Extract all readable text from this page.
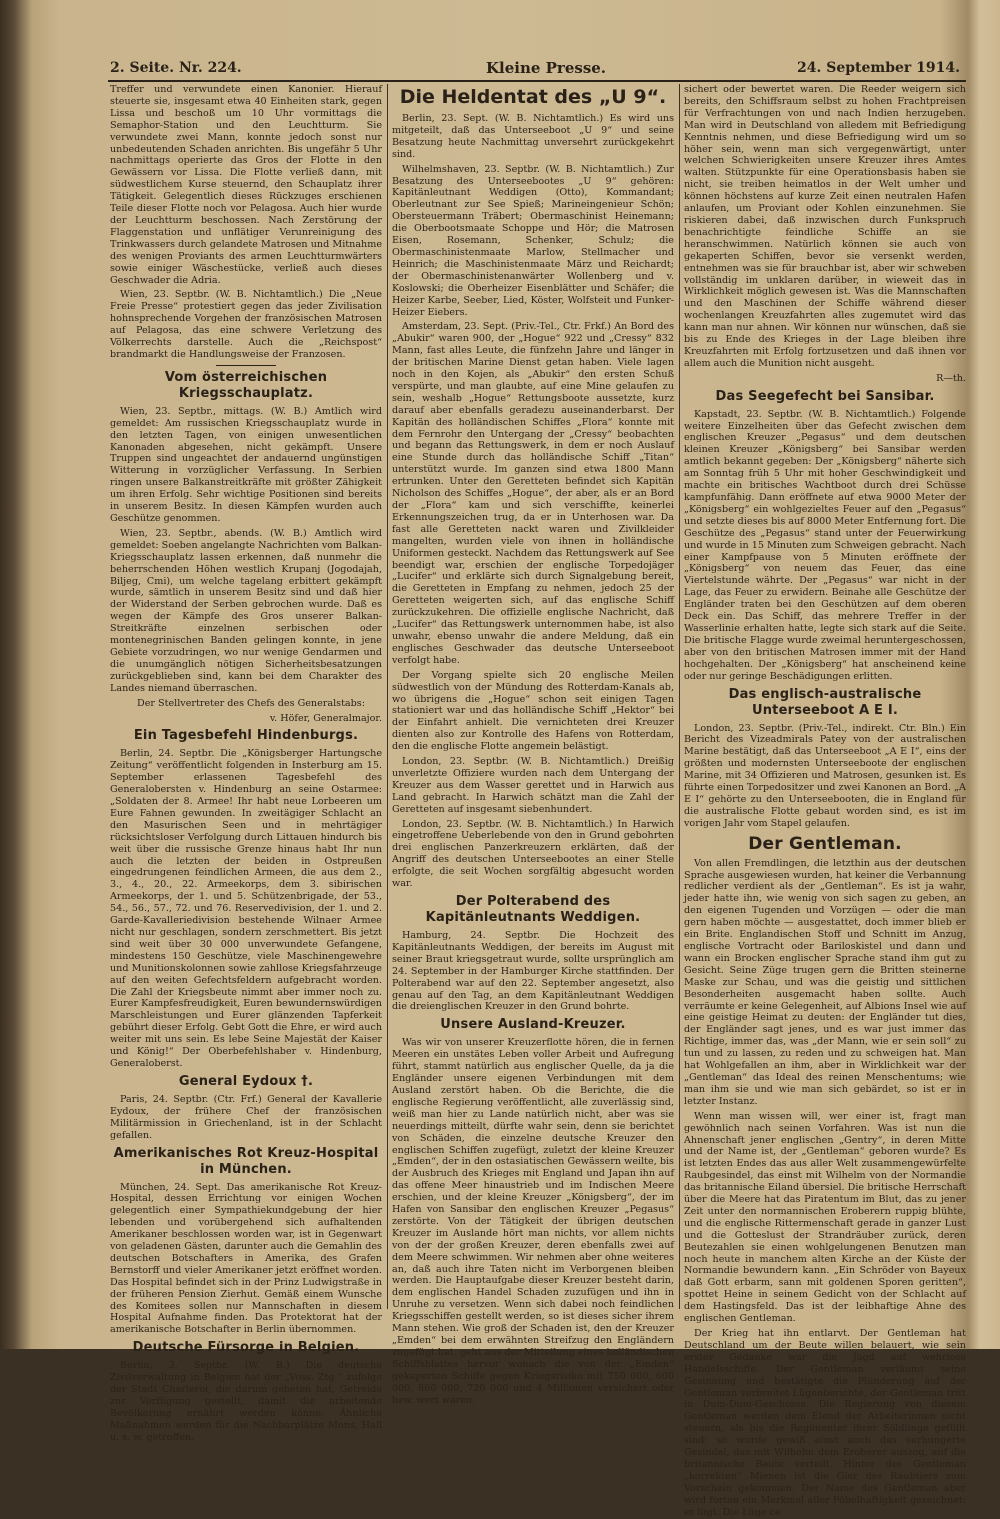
2. Seite. Nr. 224.	Kleine Presse.	24. September 1914.

Treffer und verwundete einen Kanonier. Hierauf steuerte sie, insgesamt etwa 40 Einheiten stark, gegen Lissa und beschoß um 10 Uhr vormittags die Semaphor-Station und den Leuchtturm. Sie verwundete zwei Mann, konnte jedoch sonst nur unbedeutenden Schaden anrichten. Bis ungefähr 5 Uhr nachmittags operierte das Gros der Flotte in den Gewässern vor Lissa. Die Flotte verließ dann, mit südwestlichem Kurse steuernd, den Schauplatz ihrer Tätigkeit. Gelegentlich dieses Rückzuges erschienen Teile dieser Flotte noch vor Pelagosa. Auch hier wurde der Leuchtturm beschossen. Nach Zerstörung der Flaggenstation und unflätiger Verunreinigung des Trinkwassers durch gelandete Matrosen und Mitnahme des wenigen Proviants des armen Leuchtturmwärters sowie einiger Wäschestücke, verließ auch dieses Geschwader die Adria.

Wien, 23. Septbr. (W. B. Nichtamtlich.) Die „Neue Freie Presse“ protestiert gegen das jeder Zivilisation hohnsprechende Vorgehen der französischen Matrosen auf Pelagosa, das eine schwere Verletzung des Völkerrechts darstelle. Auch die „Reichspost“ brandmarkt die Handlungsweise der Franzosen.

Vom österreichischen Kriegsschauplatz.

Wien, 23. Septbr., mittags. (W. B.) Amtlich wird gemeldet: Am russischen Kriegsschauplatz wurde in den letzten Tagen, von einigen unwesentlichen Kanonaden abgesehen, nicht gekämpft. Unsere Truppen sind ungeachtet der andauernd ungünstigen Witterung in vorzüglicher Verfassung. In Serbien ringen unsere Balkanstreitkräfte mit größter Zähigkeit um ihren Erfolg. Sehr wichtige Positionen sind bereits in unserem Besitz. In diesen Kämpfen wurden auch Geschütze genommen.

Wien, 23. Septbr., abends. (W. B.) Amtlich wird gemeldet: Soeben angelangte Nachrichten vom Balkan-Kriegsschauplatz lassen erkennen, daß nunmehr die beherrschenden Höhen westlich Krupanj (Jogodajah, Biljeg, Cmi), um welche tagelang erbittert gekämpft wurde, sämtlich in unserem Besitz sind und daß hier der Widerstand der Serben gebrochen wurde. Daß es wegen der Kämpfe des Gros unserer Balkan-Streitkräfte einzelnen serbischen oder montenegrinischen Banden gelingen konnte, in jene Gebiete vorzudringen, wo nur wenige Gendarmen und die unumgänglich nötigen Sicherheitsbesatzungen zurückgeblieben sind, kann bei dem Charakter des Landes niemand überraschen.

Der Stellvertreter des Chefs des Generalstabs:

v. Höfer, Generalmajor.

Ein Tagesbefehl Hindenburgs.

Berlin, 24. Septbr. Die „Königsberger Hartungsche Zeitung“ veröffentlicht folgenden in Insterburg am 15. September erlassenen Tagesbefehl des Generalobersten v. Hindenburg an seine Ostarmee: „Soldaten der 8. Armee! Ihr habt neue Lorbeeren um Eure Fahnen gewunden. In zweitägiger Schlacht an den Masurischen Seen und in mehrtägiger rücksichtsloser Verfolgung durch Littauen hindurch bis weit über die russische Grenze hinaus habt Ihr nun auch die letzten der beiden in Ostpreußen eingedrungenen feindlichen Armeen, die aus dem 2., 3., 4., 20., 22. Armeekorps, dem 3. sibirischen Armeekorps, der 1. und 5. Schützenbrigade, der 53., 54., 56., 57., 72. und 76. Reservedivision, der 1. und 2. Garde-Kavalleriedivision bestehende Wilnaer Armee nicht nur geschlagen, sondern zerschmettert. Bis jetzt sind weit über 30 000 unverwundete Gefangene, mindestens 150 Geschütze, viele Maschinengewehre und Munitionskolonnen sowie zahllose Kriegsfahrzeuge auf den weiten Gefechtsfeldern aufgebracht worden. Die Zahl der Kriegsbeute nimmt aber immer noch zu. Eurer Kampfesfreudigkeit, Euren bewundernswürdigen Marschleistungen und Eurer glänzenden Tapferkeit gebührt dieser Erfolg. Gebt Gott die Ehre, er wird auch weiter mit uns sein. Es lebe Seine Majestät der Kaiser und König!“ Der Oberbefehlshaber v. Hindenburg, Generaloberst.

General Eydoux †.

Paris, 24. Septbr. (Ctr. Frf.) General der Kavallerie Eydoux, der frühere Chef der französischen Militärmission in Griechenland, ist in der Schlacht gefallen.

Amerikanisches Rot Kreuz-Hospital in München.

München, 24. Sept. Das amerikanische Rot Kreuz-Hospital, dessen Errichtung vor einigen Wochen gelegentlich einer Sympathiekundgebung der hier lebenden und vorübergehend sich aufhaltenden Amerikaner beschlossen worden war, ist in Gegenwart von geladenen Gästen, darunter auch die Gemahlin des deutschen Botschafters in Amerika, des Grafen Bernstorff und vieler Amerikaner jetzt eröffnet worden. Das Hospital befindet sich in der Prinz Ludwigstraße in der früheren Pension Zierhut. Gemäß einem Wunsche des Komitees sollen nur Mannschaften in diesem Hospital Aufnahme finden. Das Protektorat hat der amerikanische Botschafter in Berlin übernommen.

Deutsche Fürsorge in Belgien.

Berlin, 3. Septbr. (W. B.) Die deutsche Zivilverwaltung in Belgien hat der „Voss. Ztg.“ zufolge der Stadt Charleroi, die darum gebeten hat, Getreide zur Verfügung gestellt, damit die arbeitende Bevölkerung ernährt werden könne. Ähnliche Maßnahmen werden für die Nachbarplätze Mons, Hall u. s. w. getroffen.

Die Heldentat des „U 9“.

Berlin, 23. Sept. (W. B. Nichtamtlich.) Es wird uns mitgeteilt, daß das Unterseeboot „U 9“ und seine Besatzung heute Nachmittag unversehrt zurückgekehrt sind.

Wilhelmshaven, 23. Septbr. (W. B. Nichtamtlich.) Zur Besatzung des Unterseebootes „U 9“ gehören: Kapitänleutnant Weddigen (Otto), Kommandant; Oberleutnant zur See Spieß; Marineingenieur Schön; Obersteuermann Träbert; Obermaschinist Heinemann; die Oberbootsmaate Schoppe und Hör; die Matrosen Eisen, Rosemann, Schenker, Schulz; die Obermaschinistenmaate Marlow, Stellmacher und Heinrich; die Maschinistenmaate März und Reichardt; der Obermaschinistenanwärter Wollenberg und v. Koslowski; die Oberheizer Eisenblätter und Schäfer; die Heizer Karbe, Seeber, Lied, Köster, Wolfsteit und Funker-Heizer Eiebers.

Amsterdam, 23. Sept. (Priv.-Tel., Ctr. Frkf.) An Bord des „Abukir“ waren 900, der „Hogue“ 922 und „Cressy“ 832 Mann, fast alles Leute, die fünfzehn Jahre und länger in der britischen Marine Dienst getan haben. Viele lagen noch in den Kojen, als „Abukir“ den ersten Schuß verspürte, und man glaubte, auf eine Mine gelaufen zu sein, weshalb „Hogue“ Rettungsboote aussetzte, kurz darauf aber ebenfalls geradezu auseinanderbarst. Der Kapitän des holländischen Schiffes „Flora“ konnte mit dem Fernrohr den Untergang der „Cressy“ beobachten und begann das Rettungswerk, in dem er noch Auslauf eine Stunde durch das holländische Schiff „Titan“ unterstützt wurde. Im ganzen sind etwa 1800 Mann ertrunken. Unter den Geretteten befindet sich Kapitän Nicholson des Schiffes „Hogue“, der aber, als er an Bord der „Flora“ kam und sich verschiffte, keinerlei Erkennungszeichen trug, da er in Unterhosen war. Da fast alle Geretteten nackt waren und Zivilkleider mangelten, wurden viele von ihnen in holländische Uniformen gesteckt. Nachdem das Rettungswerk auf See beendigt war, erschien der englische Torpedojäger „Lucifer“ und erklärte sich durch Signalgebung bereit, die Geretteten in Empfang zu nehmen, jedoch 25 der Geretteten weigerten sich, auf das englische Schiff zurückzukehren. Die offizielle englische Nachricht, daß „Lucifer“ das Rettungswerk unternommen habe, ist also unwahr, ebenso unwahr die andere Meldung, daß ein englisches Geschwader das deutsche Unterseeboot verfolgt habe.

Der Vorgang spielte sich 20 englische Meilen südwestlich von der Mündung des Rotterdam-Kanals ab, wo übrigens die „Hogue“ schon seit einigen Tagen stationiert war und das holländische Schiff „Hektor“ bei der Einfahrt anhielt. Die vernichteten drei Kreuzer dienten also zur Kontrolle des Hafens von Rotterdam, den die englische Flotte angemein belästigt.

London, 23. Septbr. (W. B. Nichtamtlich.) Dreißig unverletzte Offiziere wurden nach dem Untergang der Kreuzer aus dem Wasser gerettet und in Harwich aus Land gebracht. In Harwich schätzt man die Zahl der Geretteten auf insgesamt siebenhundert.

London, 23. Septbr. (W. B. Nichtamtlich.) In Harwich eingetroffene Ueberlebende von den in Grund gebohrten drei englischen Panzerkreuzern erklärten, daß der Angriff des deutschen Unterseebootes an einer Stelle erfolgte, die seit Wochen sorgfältig abgesucht worden war.

Der Polterabend des Kapitänleutnants Weddigen.

Hamburg, 24. Septbr. Die Hochzeit des Kapitänleutnants Weddigen, der bereits im August mit seiner Braut kriegsgetraut wurde, sollte ursprünglich am 24. September in der Hamburger Kirche stattfinden. Der Polterabend war auf den 22. September angesetzt, also genau auf den Tag, an dem Kapitänleutnant Weddigen die dreienglischen Kreuzer in den Grund bohrte.

Unsere Ausland-Kreuzer.

Was wir von unserer Kreuzerflotte hören, die in fernen Meeren ein unstätes Leben voller Arbeit und Aufregung führt, stammt natürlich aus englischer Quelle, da ja die Engländer unsere eigenen Verbindungen mit dem Ausland zerstört haben. Ob die Berichte, die die englische Regierung veröffentlicht, alle zuverlässig sind, weiß man hier zu Lande natürlich nicht, aber was sie neuerdings mitteilt, dürfte wahr sein, denn sie berichtet von Schäden, die einzelne deutsche Kreuzer den englischen Schiffen zugefügt, zuletzt der kleine Kreuzer „Emden“, der in den ostasiatischen Gewässern weilte, bis der Ausbruch des Krieges mit England und Japan ihn auf das offene Meer hinaustrieb und im Indischen Meere erschien, und der kleine Kreuzer „Königsberg“, der im Hafen von Sansibar den englischen Kreuzer „Pegasus“ zerstörte. Von der Tätigkeit der übrigen deutschen Kreuzer im Auslande hört man nichts, vor allem nichts von der der großen Kreuzer, deren ebenfalls zwei auf dem Meere schwimmen. Wir nehmen aber ohne weiteres an, daß auch ihre Taten nicht im Verborgenen bleiben werden. Die Hauptaufgabe dieser Kreuzer besteht darin, dem englischen Handel Schaden zuzufügen und ihn in Unruhe zu versetzen. Wenn sich dabei noch feindlichen Kriegsschiffen gestellt werden, so ist dieses sicher ihrem Mann stehen. Wie groß der Schaden ist, den der Kreuzer „Emden“ bei dem erwähnten Streifzug den Engländern zugefügt hat, geht aus der Mitteilung eines holländischen Schiffsblattes hervor wonach die von der „Emden“ gekaperten Schiffe gegen Kriegsrisiko mit 750 000, 600 000, 860 000, 720 000 und 4 Millionen versichert oder bzw. wert waren.

sichert oder bewertet waren. Die Reeder weigern sich bereits, den Schiffsraum selbst zu hohen Frachtpreisen für Verfrachtungen von und nach Indien herzugeben. Man wird in Deutschland von alledem mit Befriedigung Kenntnis nehmen, und diese Befriedigung wird um so höher sein, wenn man sich vergegenwärtigt, unter welchen Schwierigkeiten unsere Kreuzer ihres Amtes walten. Stützpunkte für eine Operationsbasis haben sie nicht, sie treiben heimatlos in der Welt umher und können höchstens auf kurze Zeit einen neutralen Hafen anlaufen, um Proviant oder Kohlen einzunehmen. Sie riskieren dabei, daß inzwischen durch Funkspruch benachrichtigte feindliche Schiffe an sie heranschwimmen. Natürlich können sie auch von gekaperten Schiffen, bevor sie versenkt werden, entnehmen was sie für brauchbar ist, aber wir schweben vollständig im unklaren darüber, in wieweit das in Wirklichkeit möglich gewesen ist. Was die Mannschaften und den Maschinen der Schiffe während dieser wochenlangen Kreuzfahrten alles zugemutet wird das kann man nur ahnen. Wir können nur wünschen, daß sie bis zu Ende des Krieges in der Lage bleiben ihre Kreuzfahrten mit Erfolg fortzusetzen und daß ihnen vor allem auch die Munition nicht ausgeht.

R—th.

Das Seegefecht bei Sansibar.

Kapstadt, 23. Septbr. (W. B. Nichtamtlich.) Folgende weitere Einzelheiten über das Gefecht zwischen dem englischen Kreuzer „Pegasus“ und dem deutschen kleinen Kreuzer „Königsberg“ bei Sansibar werden amtlich bekannt gegeben: Der „Königsberg“ näherte sich am Sonntag früh 5 Uhr mit hoher Geschwindigkeit und machte ein britisches Wachtboot durch drei Schüsse kampfunfähig. Dann eröffnete auf etwa 9000 Meter der „Königsberg“ ein wohlgezieltes Feuer auf den „Pegasus“ und setzte dieses bis auf 8000 Meter Entfernung fort. Die Geschütze des „Pegasus“ stand unter der Feuerwirkung und wurde in 15 Minuten zum Schweigen gebracht. Nach einer Kampfpause von 5 Minuten eröffnete der „Königsberg“ von neuem das Feuer, das eine Viertelstunde währte. Der „Pegasus“ war nicht in der Lage, das Feuer zu erwidern. Beinahe alle Geschütze der Engländer traten bei den Geschützen auf dem oberen Deck ein. Das Schiff, das mehrere Treffer in der Wasserlinie erhalten hatte, legte sich stark auf die Seite. Die britische Flagge wurde zweimal heruntergeschossen, aber von den britischen Matrosen immer mit der Hand hochgehalten. Der „Königsberg“ hat anscheinend keine oder nur geringe Beschädigungen erlitten.

Das englisch-australische Unterseeboot A E I.

London, 23. Septbr. (Priv.-Tel., indirekt. Ctr. Bln.) Ein Bericht des Vizeadmirals Patey von der australischen Marine bestätigt, daß das Unterseeboot „A E I“, eins der größten und modernsten Unterseeboote der englischen Marine, mit 34 Offizieren und Matrosen, gesunken ist. Es führte einen Torpedositzer und zwei Kanonen an Bord. „A E I“ gehörte zu den Unterseebooten, die in England für die australische Flotte gebaut worden sind, es ist im vorigen Jahr vom Stapel gelaufen.

Der Gentleman.

Von allen Fremdlingen, die letzthin aus der deutschen Sprache ausgewiesen wurden, hat keiner die Verbannung redlicher verdient als der „Gentleman“. Es ist ja wahr, jeder hatte ihn, wie wenig von sich sagen zu geben, an den eigenen Tugenden und Vorzügen — oder die man gern haben möchte — ausgestattet, doch immer blieb er ein Brite. Englandischen Stoff und Schnitt im Anzug, englische Vortracht oder Bariloskistel und dann und wann ein Brocken englischer Sprache stand ihm gut zu Gesicht. Seine Züge trugen gern die Britten steinerne Maske zur Schau, und was die geistig und sittlichen Besonderheiten ausgemacht haben sollte. Auch verräumte er keine Gelegenheit, auf Albions Insel wie auf eine geistige Heimat zu deuten: der Engländer tut dies, der Engländer sagt jenes, und es war just immer das Richtige, immer das, was „der Mann, wie er sein soll“ zu tun und zu lassen, zu reden und zu schweigen hat. Man hat Wohlgefallen an ihm, aber in Wirklichkeit war der „Gentleman“ das Ideal des reinen Menschentums; wie man ihm sie und wie man sich gebärdet, so ist er in letzter Instanz.

Wenn man wissen will, wer einer ist, fragt man gewöhnlich nach seinen Vorfahren. Was ist nun die Ahnenschaft jener englischen „Gentry“, in deren Mitte und der Name ist, der „Gentleman“ geboren wurde? Es ist letzten Endes das aus aller Welt zusammengewürfelte Raubgesindel, das einst mit Wilhelm von der Normandie das britannische Eiland übersiel. Die britische Herrschaft über die Meere hat das Piratentum im Blut, das zu jener Zeit unter den normannischen Eroberern ruppig blühte, und die englische Rittermenschaft gerade in ganzer Lust und die Gotteslust der Strandräuber zurück, deren Beutezahlen sie einen wohlgelungenen Benutzen man noch heute in manchem alten Kirche an der Küste der Normandie bewundern kann. „Ein Schröder von Bayeux daß Gott erbarm, sann mit goldenen Sporen geritten“, spottet Heine in seinem Gedicht von der Schlacht auf dem Hastingsfeld. Das ist der leibhaftige Ahne des englischen Gentleman.

Der Krieg hat ihn entlarvt. Der Gentleman hat Deutschland um der Beute willen belauert, wie sein erster Gedanke war die Jagd auf wehrlose Handelsschiffe. Der Gentleman verläumt seine Gesinnung und bestätigte die Plünderung auf der Gentleman verbreitet Lügenberichte, der Gentleman tritt in Dum-Dum-Geschosse. Die Regierung von diesem Gentleman werden dem Elend der Arbeiterinnen nicht steuern, als bis die Regimenter ihrer Söldlinge gefüllt sind: so wurde gewiß einst auch das verhungerte Gesindel, das mit Wilhelm dem Eroberer auszog, auf die britannische Beute verteilt. Hinter des Gentleman „korrekten“ Mienen ist die Gier des Raubtiers zum Vorschein gekommen. Der Name des Gentleman aber wird fortan ein Merkmal aller Pöbelhaftigkeit gezeichnet: er lügt. Die Lüge ce
